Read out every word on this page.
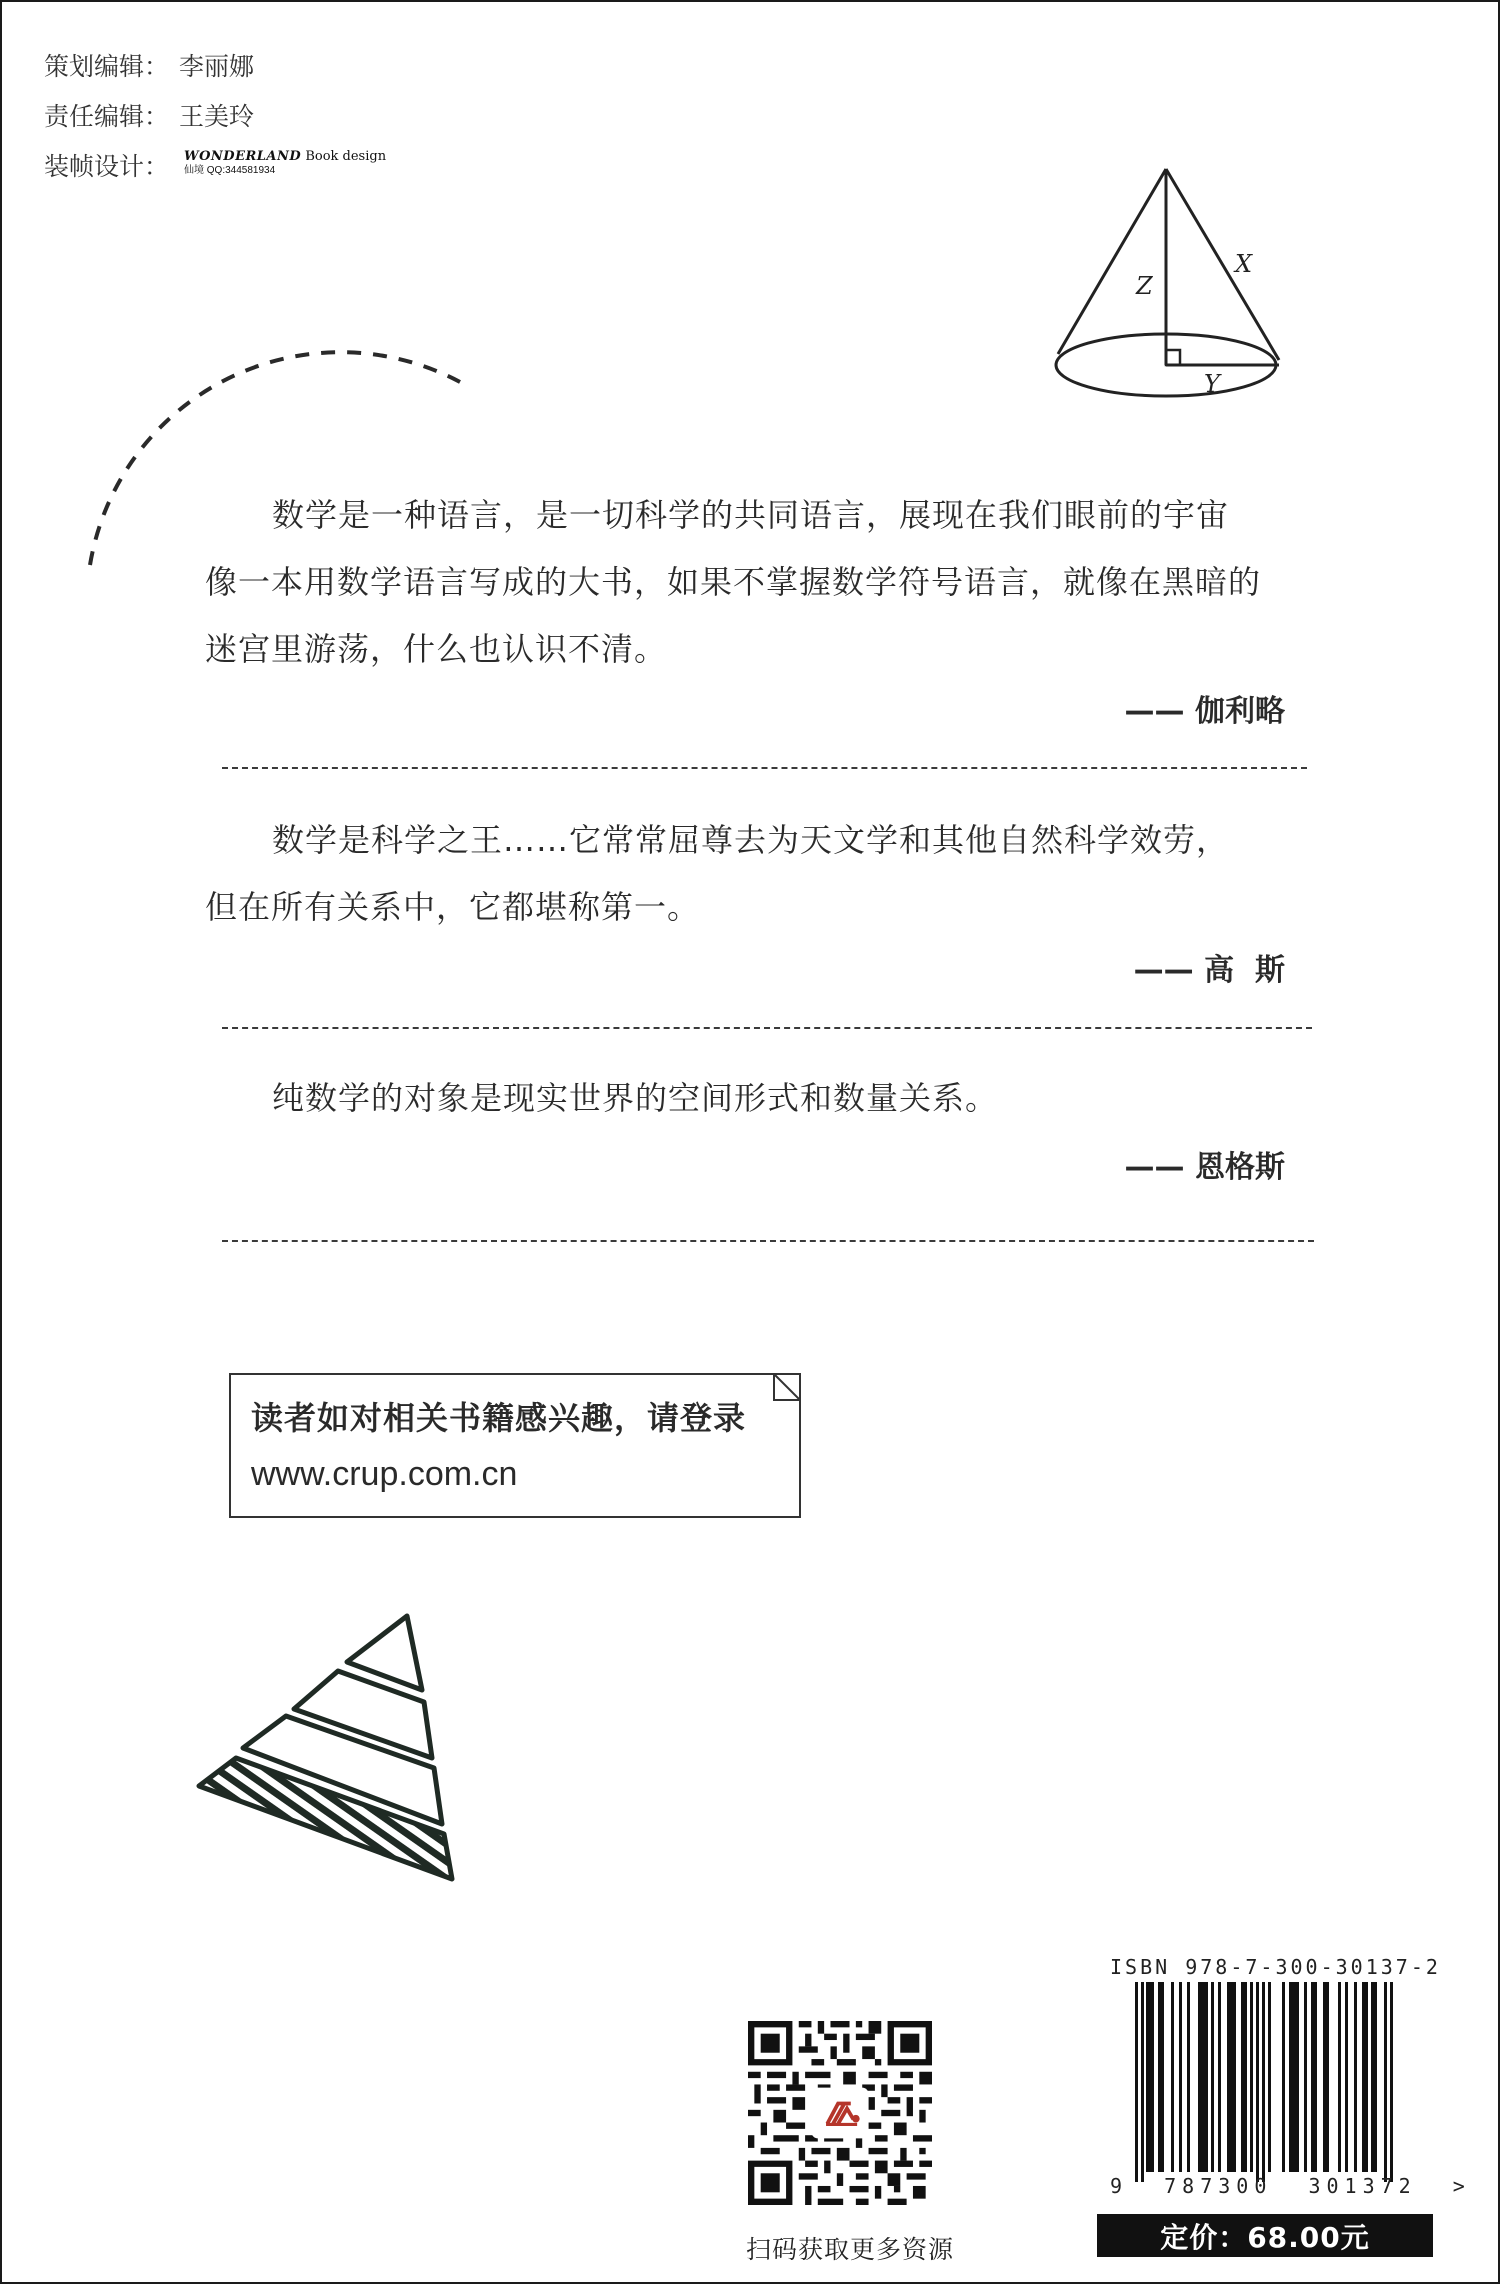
策划编辑： 李丽娜
责任编辑： 王美玲
装帧设计：	WONDERLAND Book design
仙境 QQ:344581934
X
Z
Y
数学是一种语言，是一切科学的共同语言，展现在我们眼前的宇宙
像一本用数学语言写成的大书，如果不掌握数学符号语言，就像在黑暗的
迷宫里游荡，什么也认识不清。
—— 伽利略
数学是科学之王……它常常屈尊去为天文学和其他自然科学效劳，
但在所有关系中，它都堪称第一。
—— 高  斯
纯数学的对象是现实世界的空间形式和数量关系。
—— 恩格斯
读者如对相关书籍感兴趣，请登录
www.crup.com.cn
扫码获取更多资源
ISBN 978-7-300-30137-2
9  787300  301372  >
定价：68.00元
